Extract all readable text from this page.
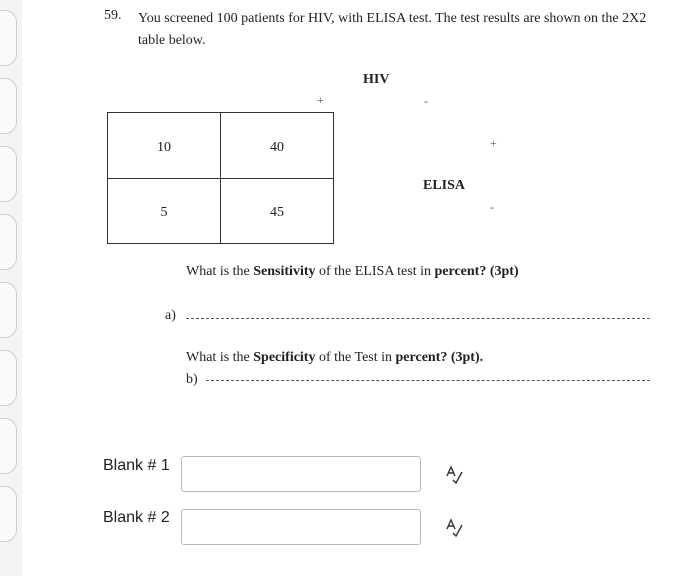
59. You screened 100 patients for HIV, with ELISA test. The test results are shown on the 2X2 table below.
HIV
+	-
+
ELISA
-
10	40
5	45
What is the Sensitivity of the ELISA test in percent? (3pt)
a)
What is the Specificity of the Test in percent? (3pt).
b)
Blank # 1
Blank # 2
